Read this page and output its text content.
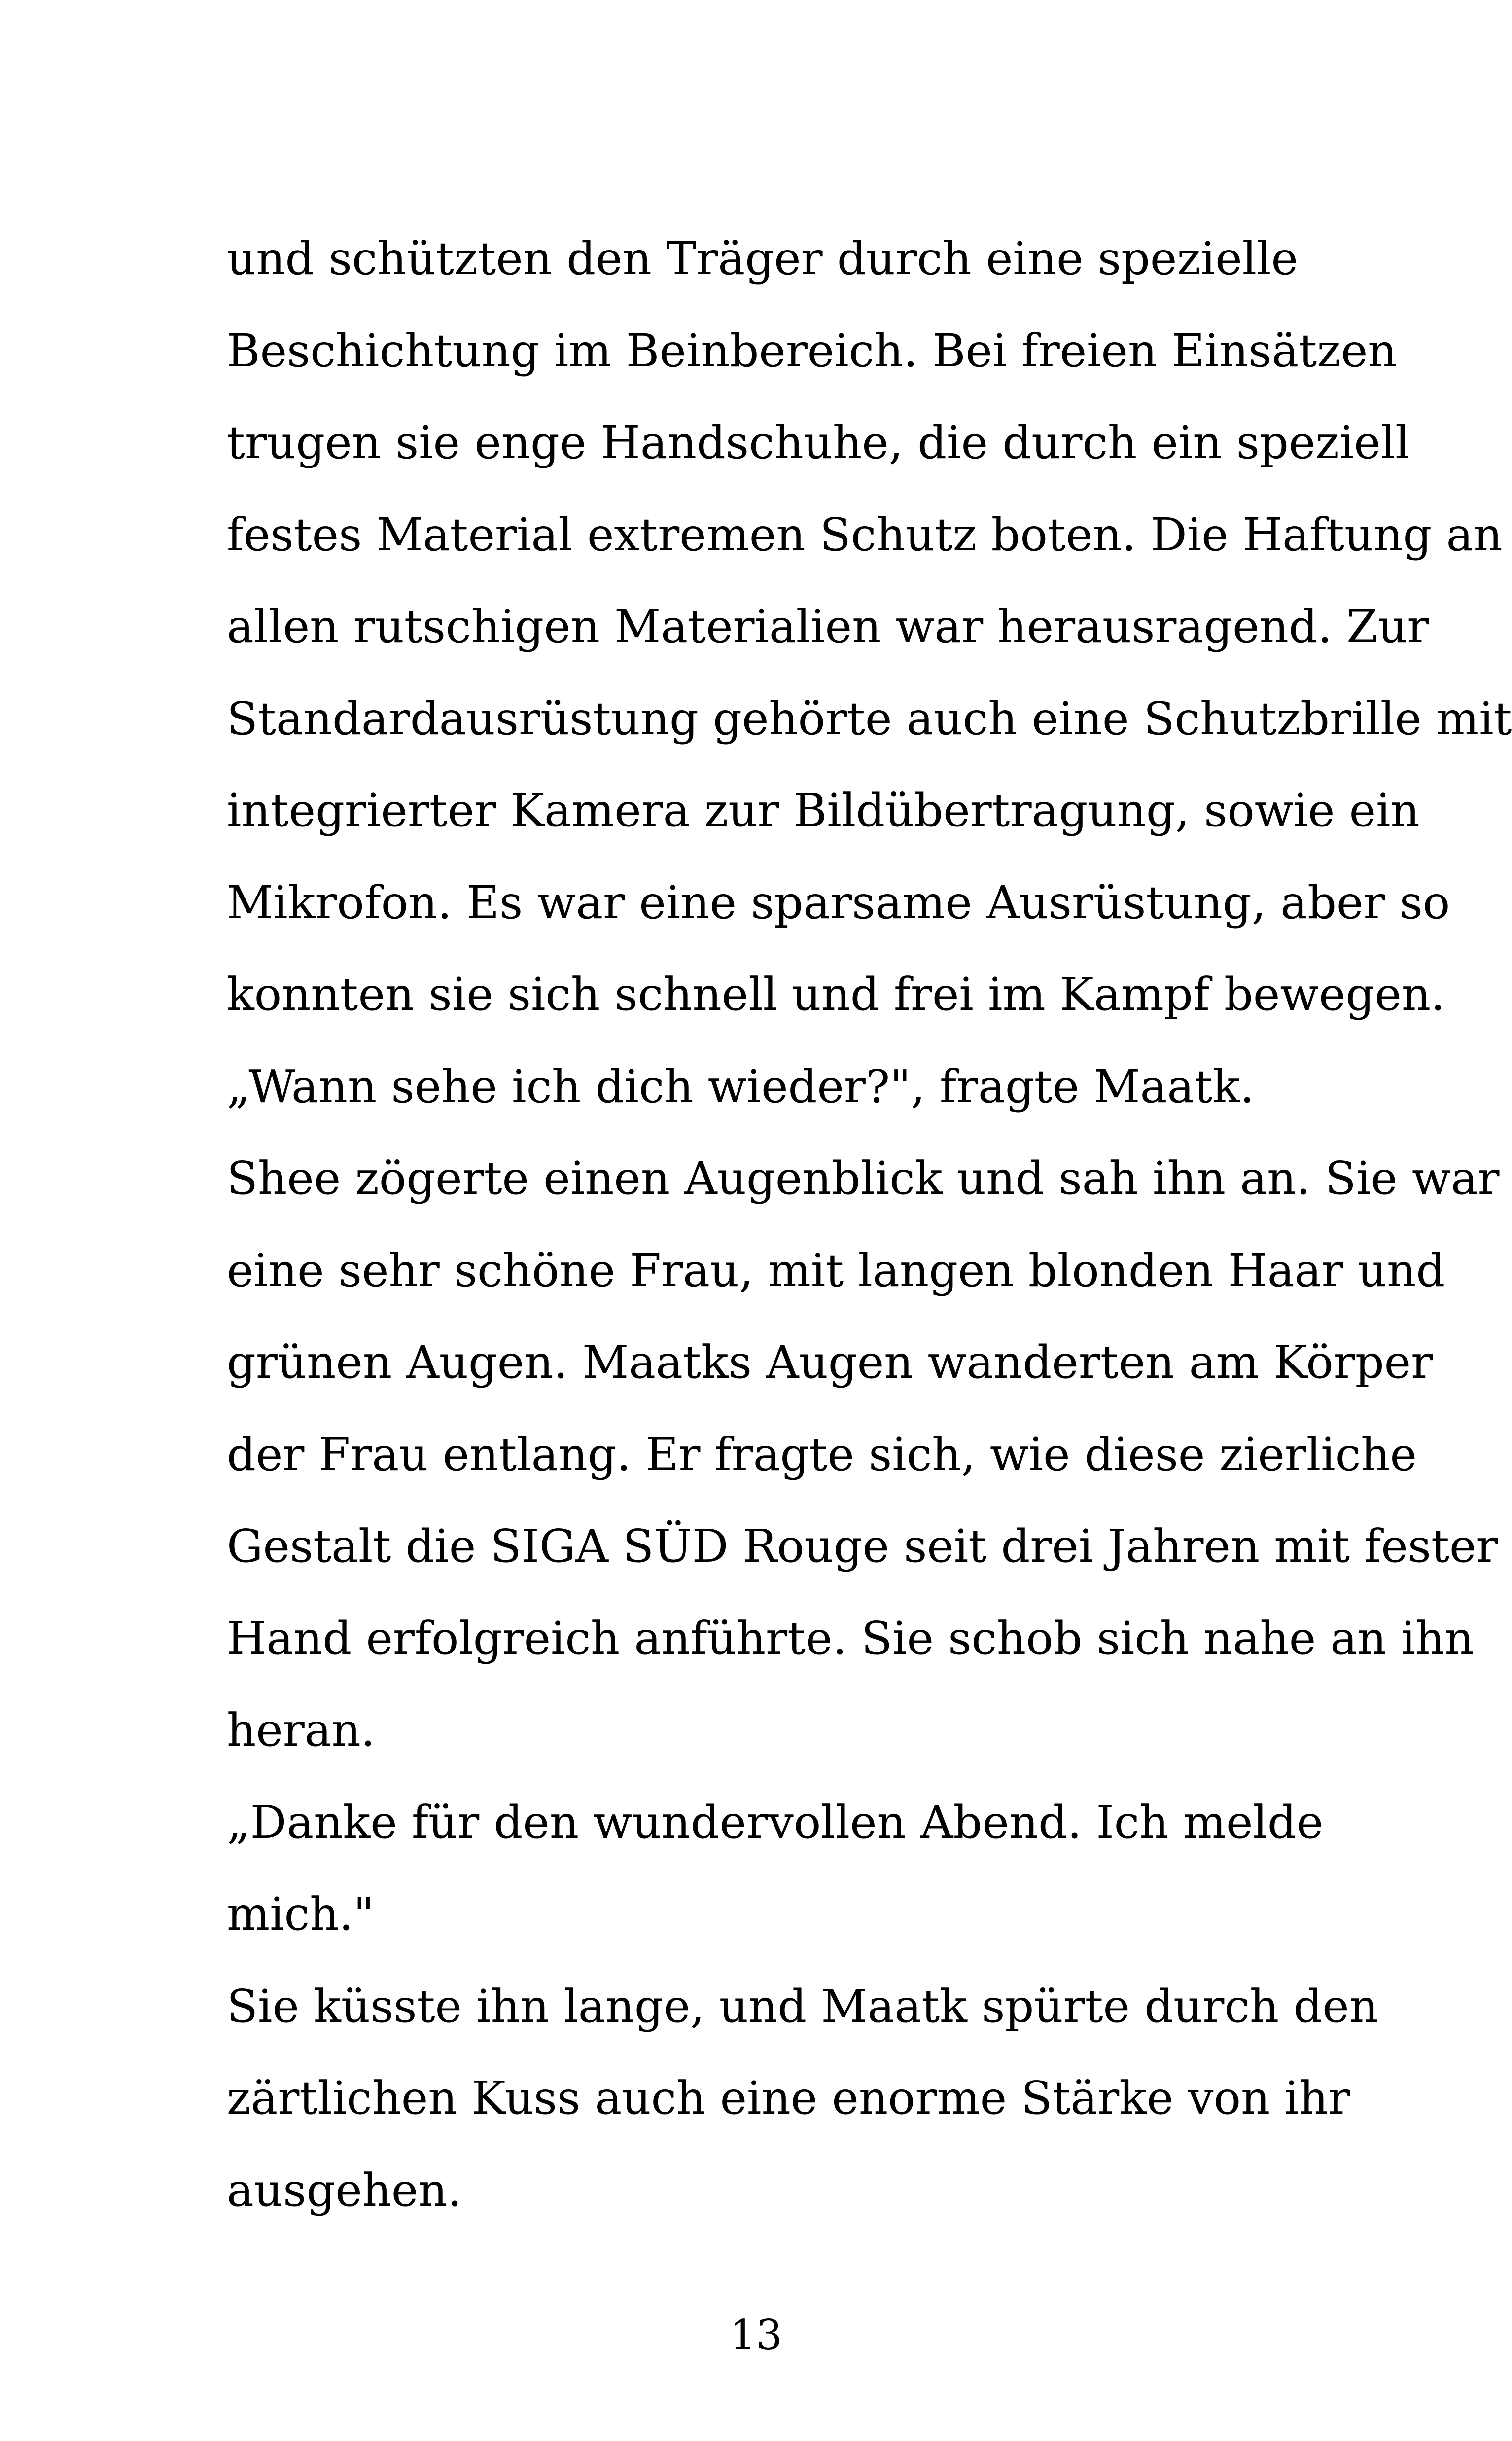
und schützten den Träger durch eine spezielle
Beschichtung im Beinbereich. Bei freien Einsätzen
trugen sie enge Handschuhe, die durch ein speziell
festes Material extremen Schutz boten. Die Haftung an
allen rutschigen Materialien war herausragend. Zur
Standardausrüstung gehörte auch eine Schutzbrille mit
integrierter Kamera zur Bildübertragung, sowie ein
Mikrofon. Es war eine sparsame Ausrüstung, aber so
konnten sie sich schnell und frei im Kampf bewegen.
„Wann sehe ich dich wieder?", fragte Maatk.
Shee zögerte einen Augenblick und sah ihn an. Sie war
eine sehr schöne Frau, mit langen blonden Haar und
grünen Augen. Maatks Augen wanderten am Körper
der Frau entlang. Er fragte sich, wie diese zierliche
Gestalt die SIGA SÜD Rouge seit drei Jahren mit fester
Hand erfolgreich anführte. Sie schob sich nahe an ihn
heran.
„Danke für den wundervollen Abend. Ich melde
mich."
Sie küsste ihn lange, und Maatk spürte durch den
zärtlichen Kuss auch eine enorme Stärke von ihr
ausgehen.
13
